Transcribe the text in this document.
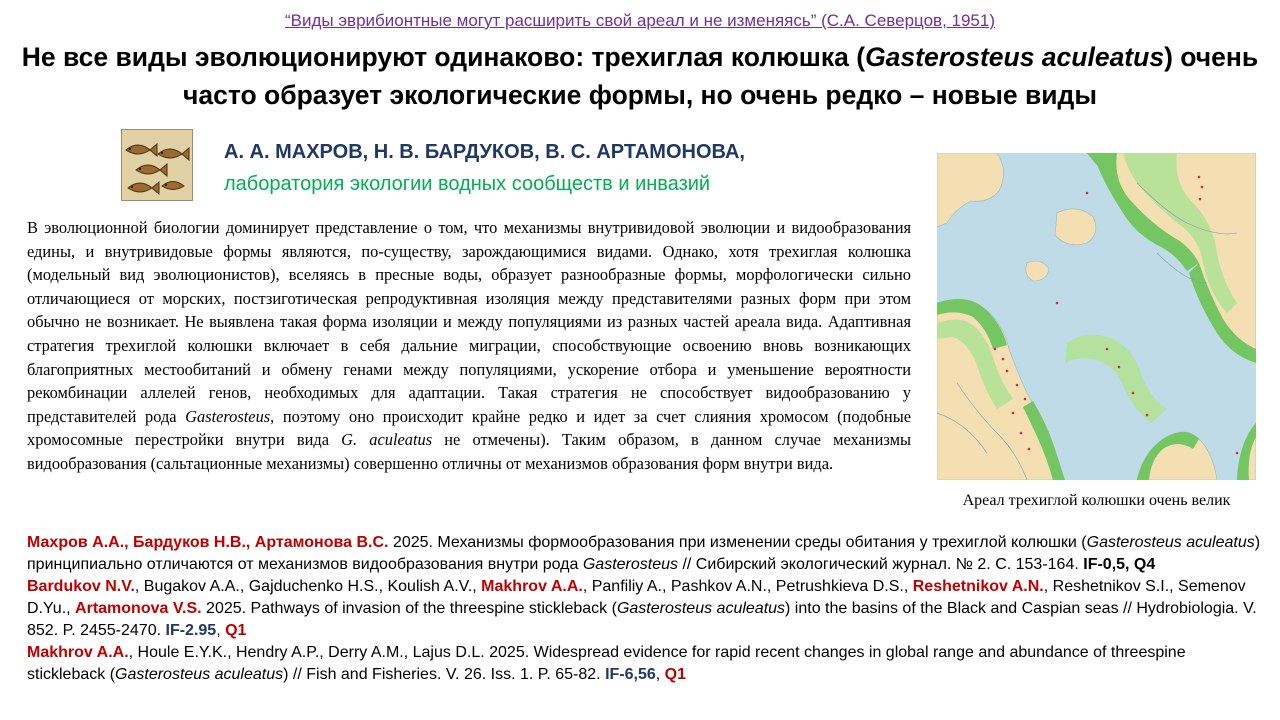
“Виды эврибионтные могут расширить свой ареал и не изменяясь” (С.А. Северцов, 1951)
Не все виды эволюционируют одинаково: трехиглая колюшка (Gasterosteus aculeatus) очень часто образует экологические формы, но очень редко – новые виды
А. А. МАХРОВ, Н. В. БАРДУКОВ, В. С. АРТАМОНОВА,
лаборатория экологии водных сообществ и инвазий

В эволюционной биологии доминирует представление о том, что механизмы внутривидовой эволюции и видообразования едины, и внутривидовые формы являются, по-существу, зарождающимися видами. Однако, хотя трехиглая колюшка (модельный вид эволюционистов), вселяясь в пресные воды, образует разнообразные формы, морфологически сильно отличающиеся от морских, постзиготическая репродуктивная изоляция между представителями разных форм при этом обычно не возникает. Не выявлена такая форма изоляции и между популяциями из разных частей ареала вида. Адаптивная стратегия трехиглой колюшки включает в себя дальние миграции, способствующие освоению вновь возникающих благоприятных местообитаний и обмену генами между популяциями, ускорение отбора и уменьшение вероятности рекомбинации аллелей генов, необходимых для адаптации. Такая стратегия не способствует видообразованию у представителей рода Gasterosteus, поэтому оно происходит крайне редко и идет за счет слияния хромосом (подобные хромосомные перестройки внутри вида G. aculeatus не отмечены). Таким образом, в данном случае механизмы видообразования (сальтационные механизмы) совершенно отличны от механизмов образования форм внутри вида.

Ареал трехиглой колюшки очень велик

Махров А.А., Бардуков Н.В., Артамонова В.С. 2025. Механизмы формообразования при изменении среды обитания у трехиглой колюшки (Gasterosteus aculeatus) принципиально отличаются от механизмов видообразования внутри рода Gasterosteus // Сибирский экологический журнал. № 2. С. 153-164. IF-0,5, Q4

Bardukov N.V., Bugakov A.A., Gajduchenko H.S., Koulish A.V., Makhrov A.A., Panfiliy A., Pashkov A.N., Petrushkieva D.S., Reshetnikov A.N., Reshetnikov S.I., Semenov D.Yu., Artamonova V.S. 2025. Pathways of invasion of the threespine stickleback (Gasterosteus aculeatus) into the basins of the Black and Caspian seas // Hydrobiologia. V. 852. P. 2455-2470. IF-2.95, Q1

Makhrov A.A., Houle E.Y.K., Hendry A.P., Derry A.M., Lajus D.L. 2025. Widespread evidence for rapid recent changes in global range and abundance of threespine stickleback (Gasterosteus aculeatus) // Fish and Fisheries. V. 26. Iss. 1. P. 65-82. IF-6,56, Q1
